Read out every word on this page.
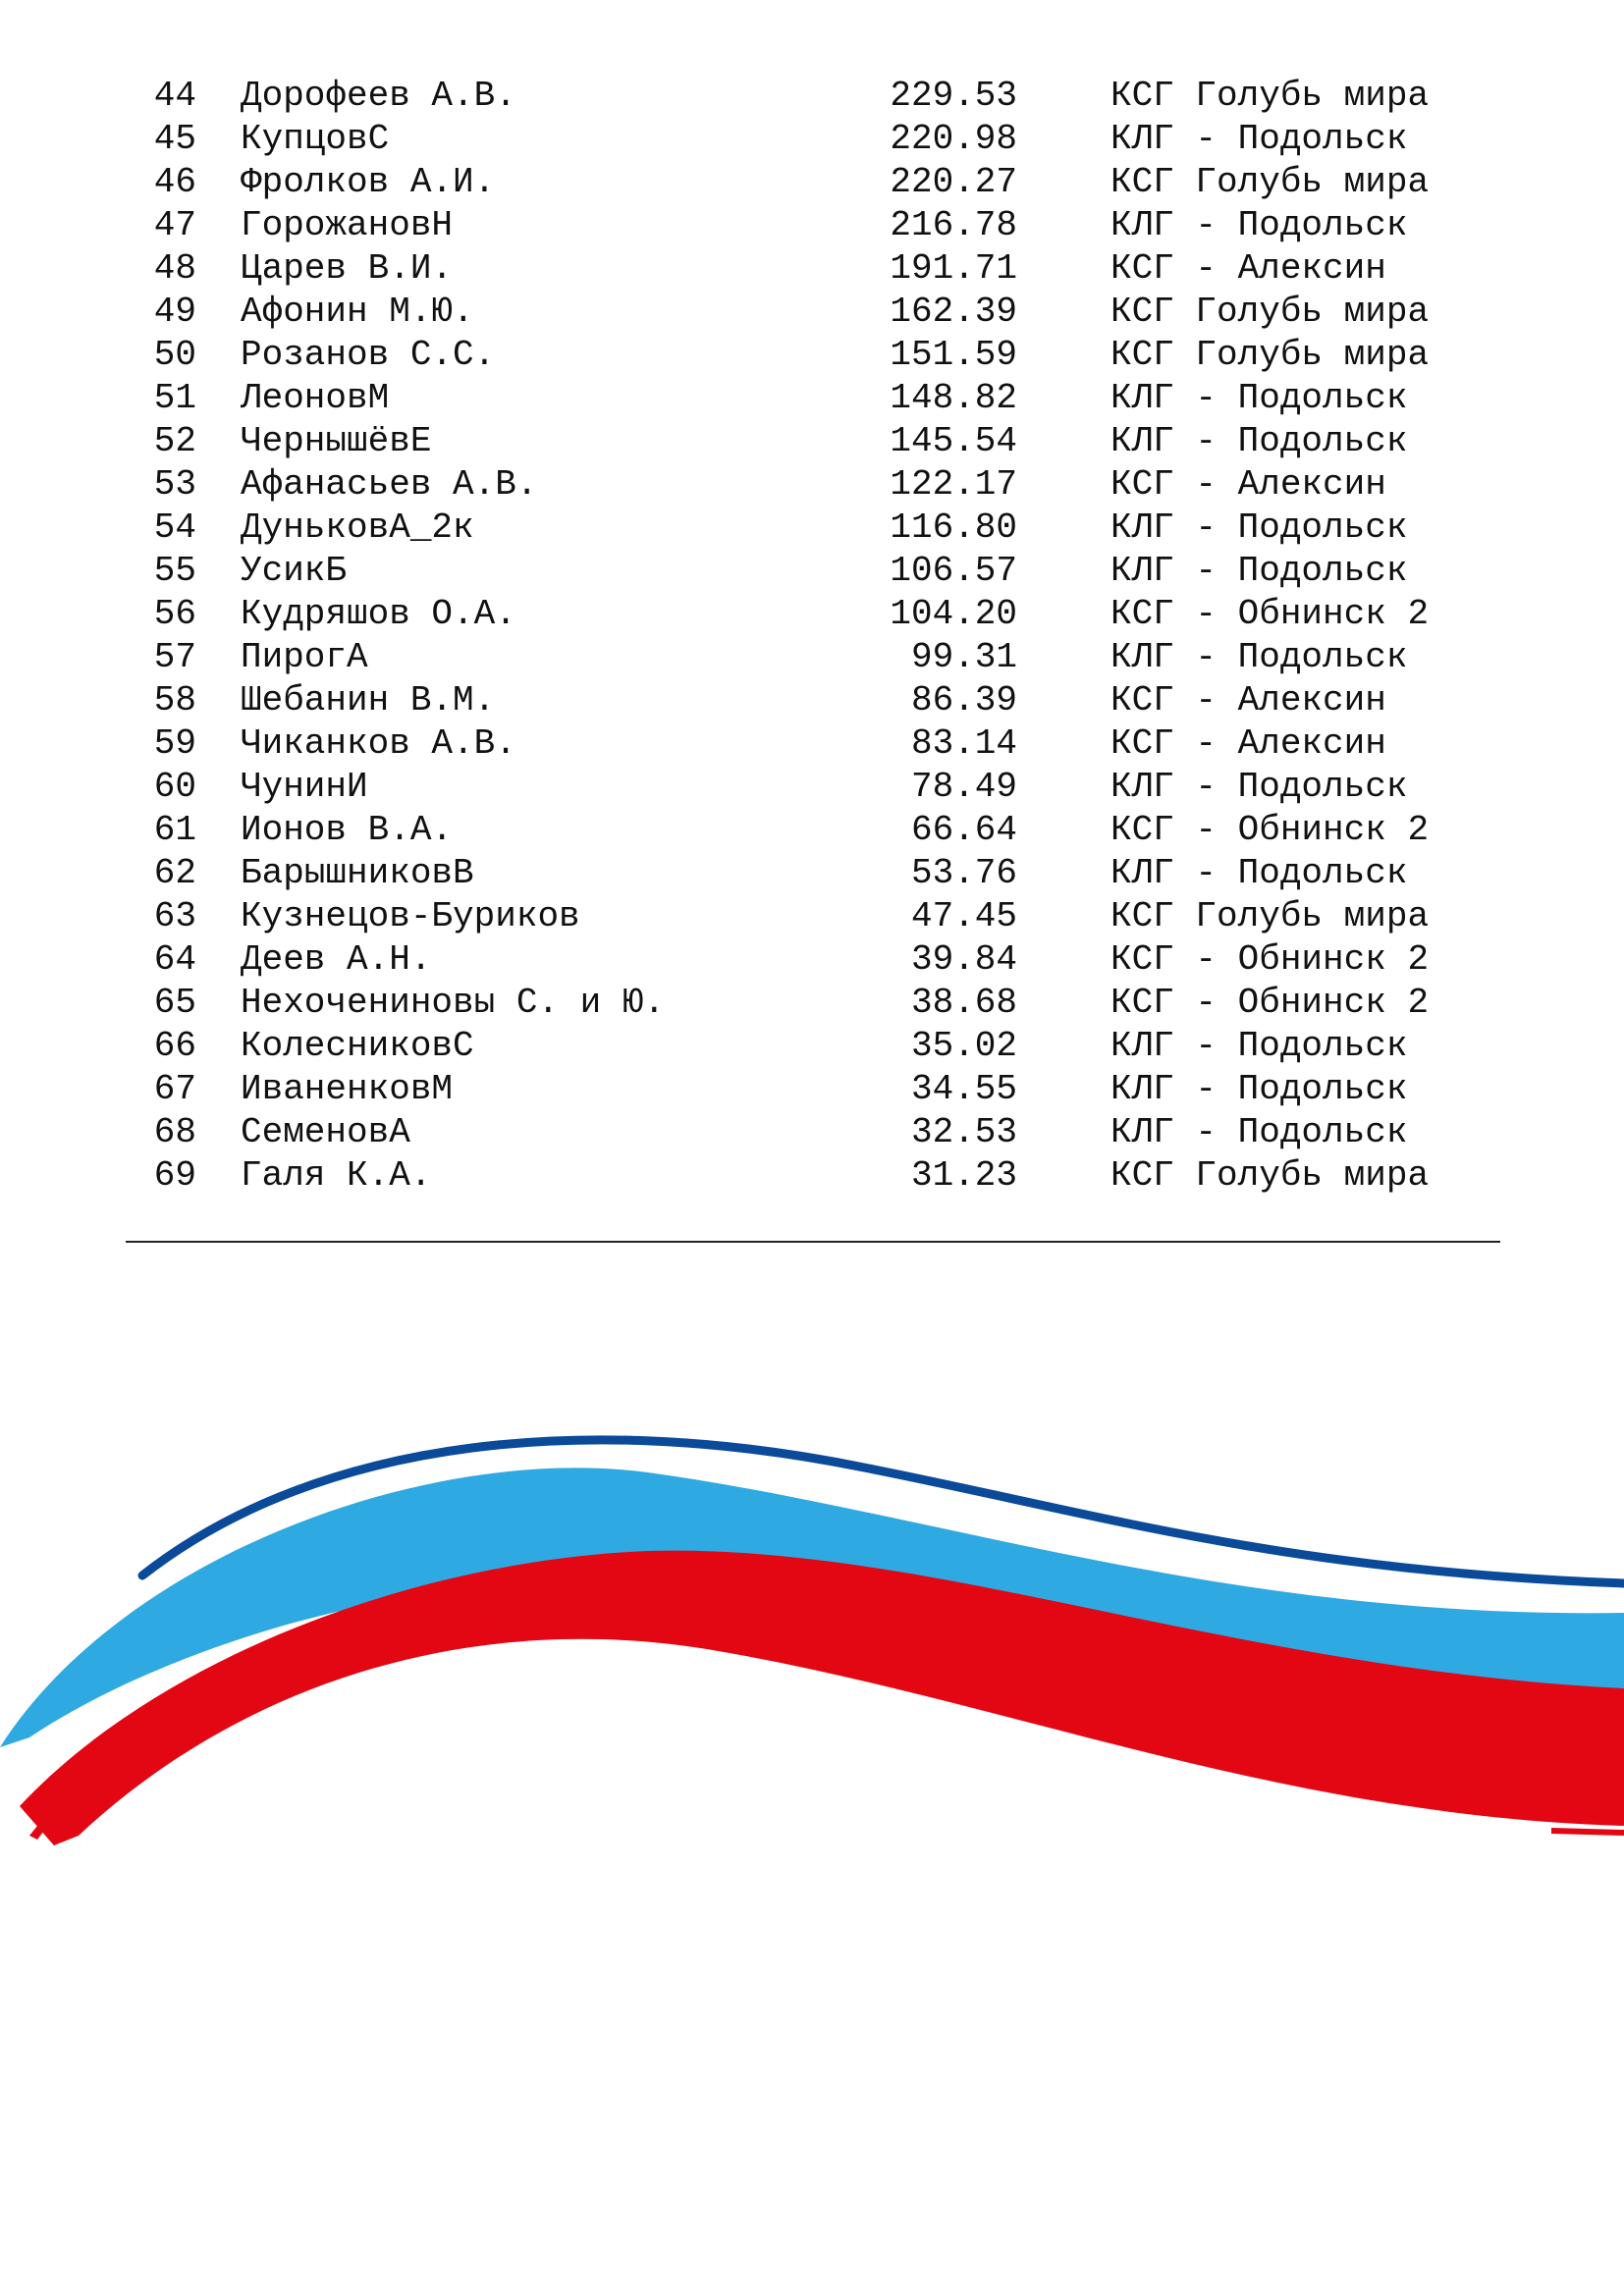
44 Дорофеев А.В.	229.53	КСГ Голубь мира
45 КупцовС	220.98	КЛГ - Подольск
46 Фролков А.И.	220.27	КСГ Голубь мира
47 ГорожановН	216.78	КЛГ - Подольск
48 Царев В.И.	191.71	КСГ - Алексин
49 Афонин М.Ю.	162.39	КСГ Голубь мира
50 Розанов С.С.	151.59	КСГ Голубь мира
51 ЛеоновМ	148.82	КЛГ - Подольск
52 ЧернышёвЕ	145.54	КЛГ - Подольск
53 Афанасьев А.В.	122.17	КСГ - Алексин
54 ДуньковА_2к	116.80	КЛГ - Подольск
55 УсикБ	106.57	КЛГ - Подольск
56 Кудряшов О.А.	104.20	КСГ - Обнинск 2
57 ПирогА	99.31	КЛГ - Подольск
58 Шебанин В.М.	86.39	КСГ - Алексин
59 Чиканков А.В.	83.14	КСГ - Алексин
60 ЧунинИ	78.49	КЛГ - Подольск
61 Ионов В.А.	66.64	КСГ - Обнинск 2
62 БарышниковВ	53.76	КЛГ - Подольск
63 Кузнецов-Буриков	47.45	КСГ Голубь мира
64 Деев А.Н.	39.84	КСГ - Обнинск 2
65 Нехочениновы С. и Ю.	38.68	КСГ - Обнинск 2
66 КолесниковС	35.02	КЛГ - Подольск
67 ИваненковМ	34.55	КЛГ - Подольск
68 СеменовА	32.53	КЛГ - Подольск
69 Галя К.А.	31.23	КСГ Голубь мира
